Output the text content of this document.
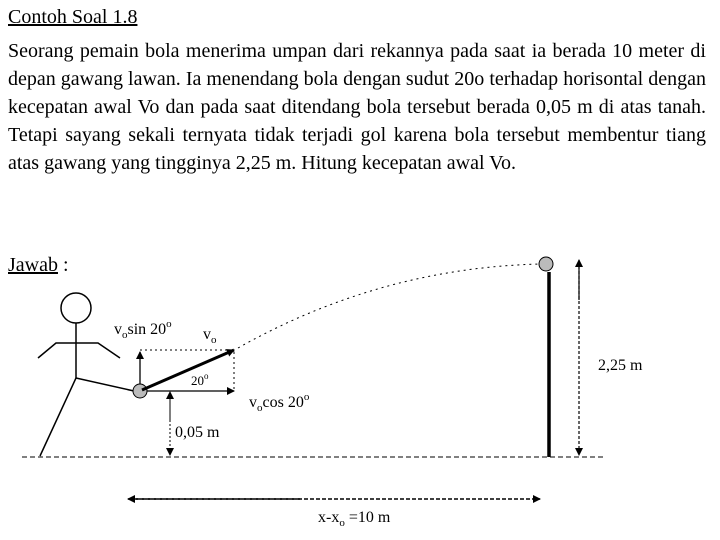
Contoh Soal 1.8

Seorang pemain bola menerima umpan dari rekannya pada saat ia berada 10 meter di depan gawang lawan. Ia menendang bola dengan sudut 20o terhadap horisontal dengan kecepatan awal Vo dan pada saat ditendang bola tersebut berada 0,05 m di atas tanah. Tetapi sayang sekali ternyata tidak terjadi gol karena bola tersebut membentur tiang atas gawang yang tingginya 2,25 m. Hitung kecepatan awal Vo.

Jawab :
$v_o\sin$ 20$^o$
$v_o$
20$^o$
$v_o\cos$ 20$^o$
0,05 m
2,25 m
$x-x_o =10$ m
